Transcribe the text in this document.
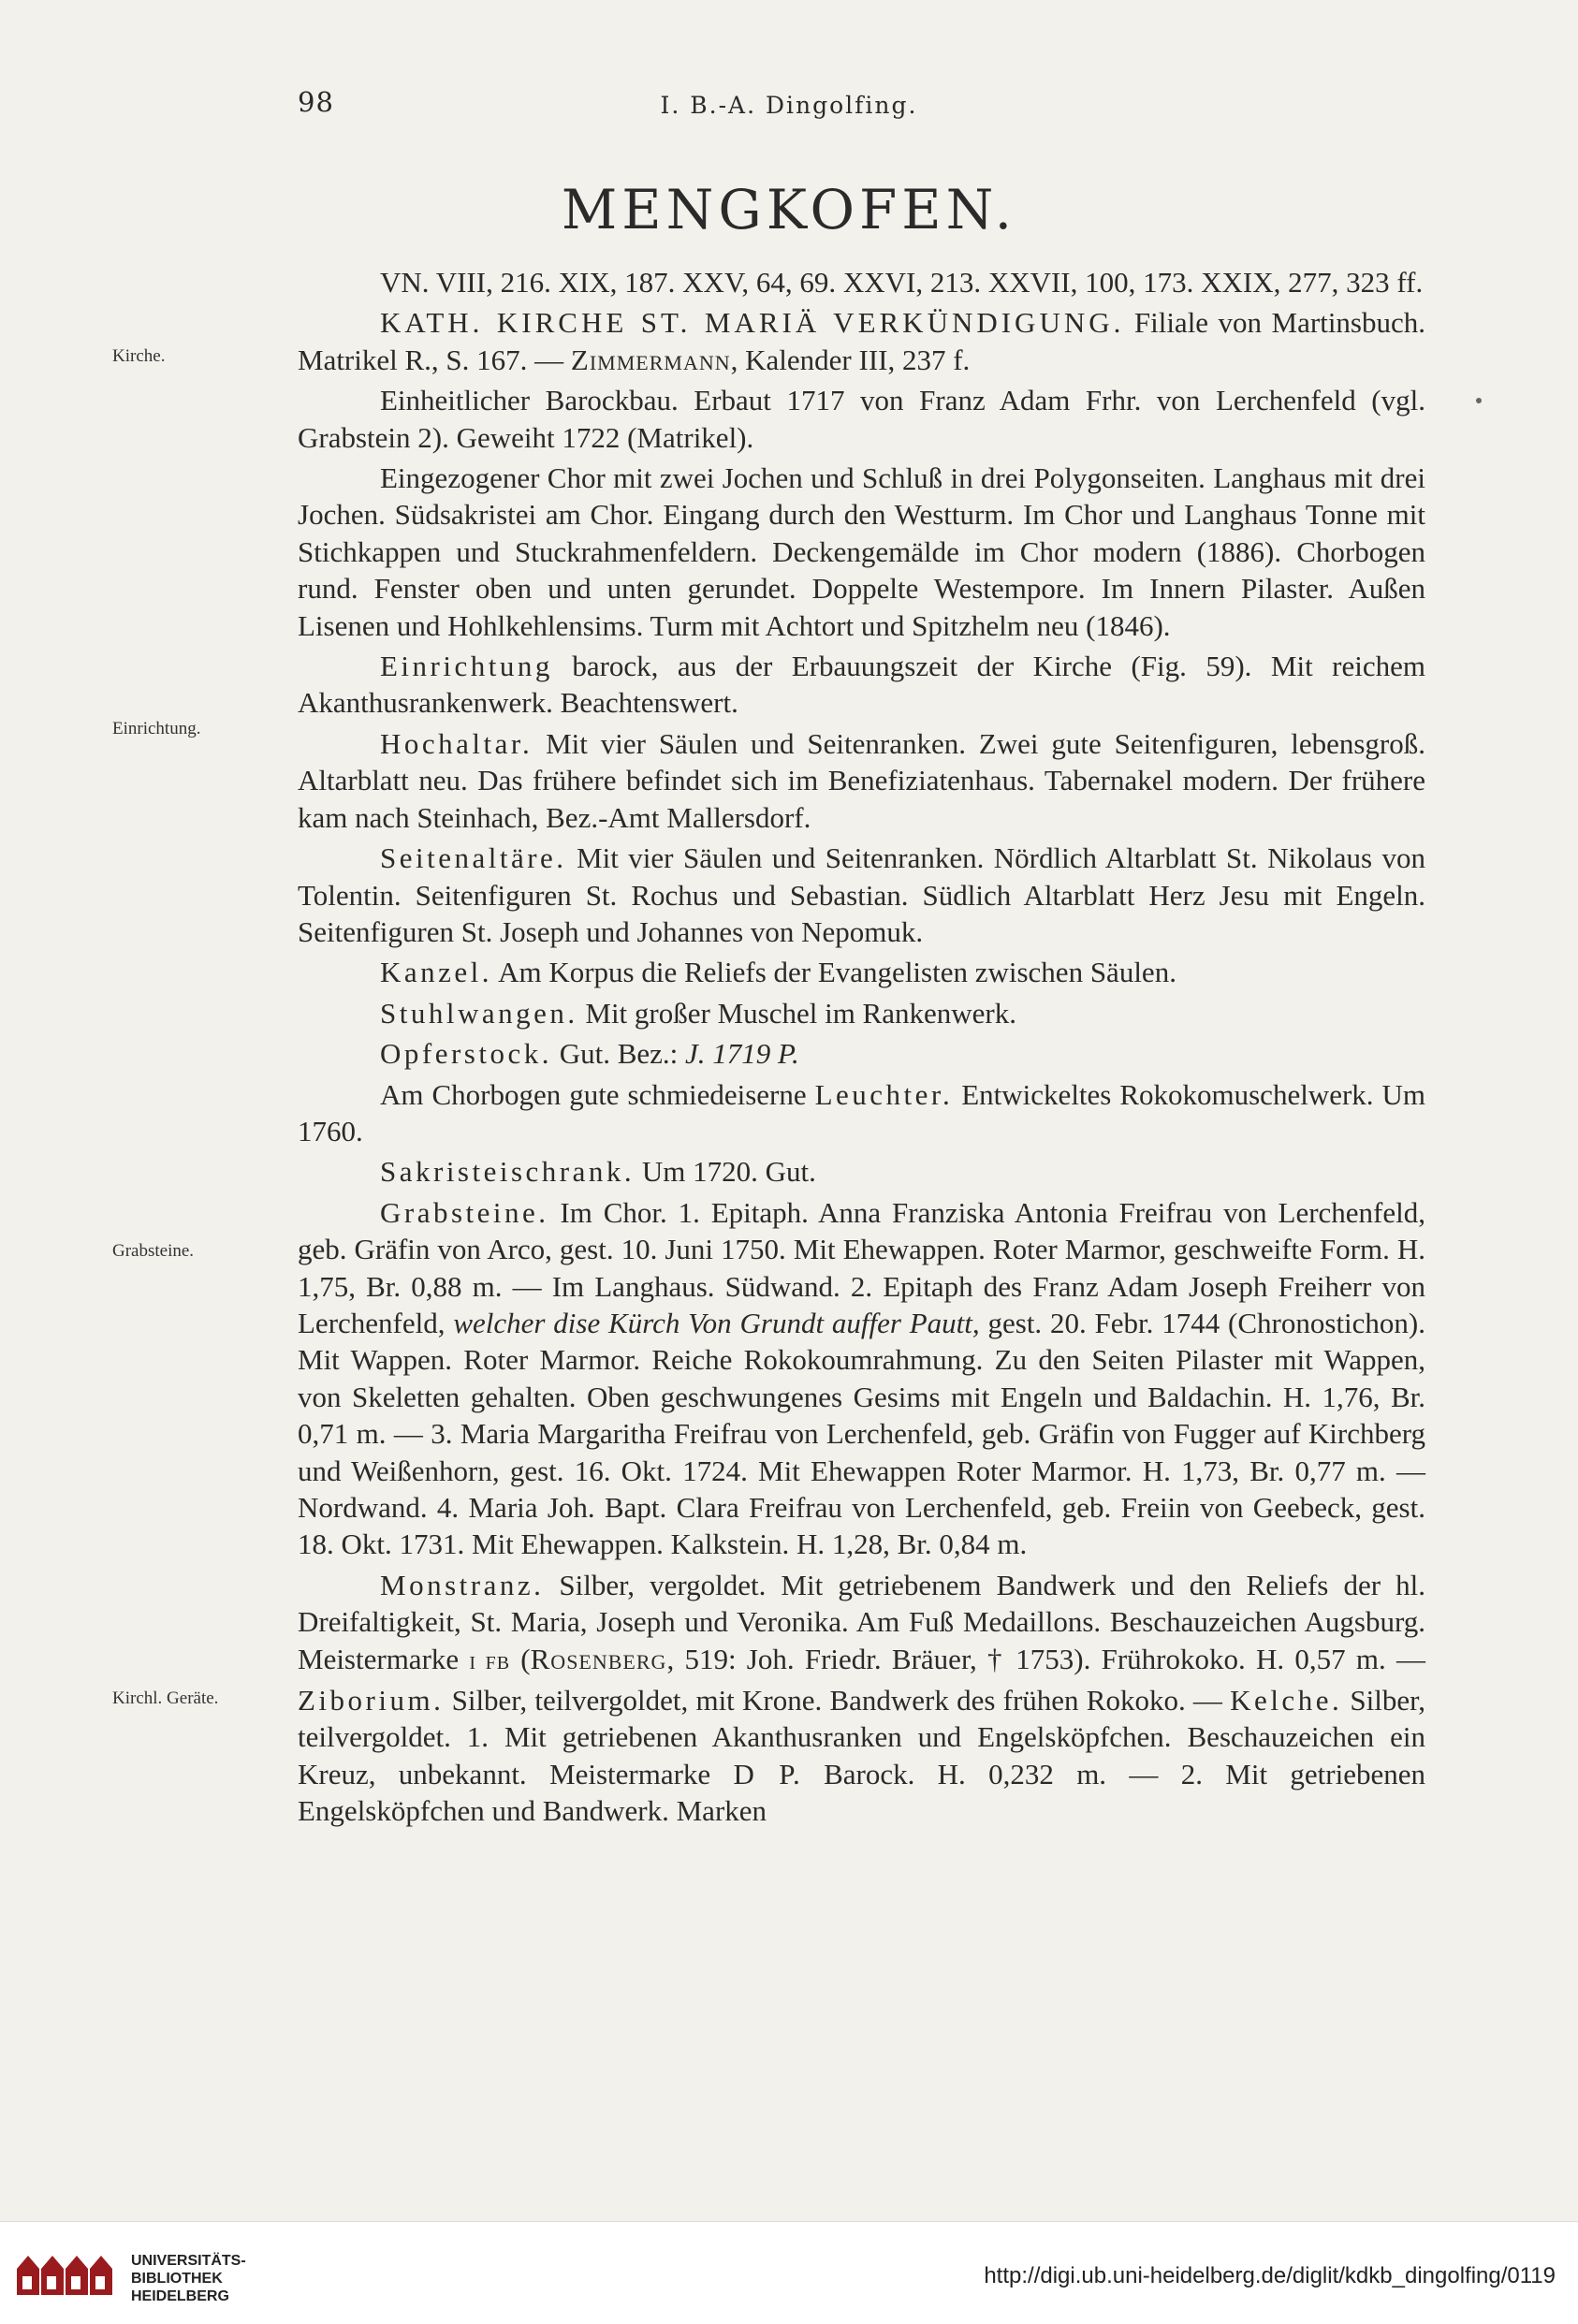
98	I. B.-A. Dingolfing.
MENGKOFEN.
Kirche.
Einrichtung.
Grabsteine.
Kirchl. Geräte.

VN. VIII, 216. XIX, 187. XXV, 64, 69. XXVI, 213. XXVII, 100, 173. XXIX, 277, 323 ff.

KATH. KIRCHE ST. MARIÄ VERKÜNDIGUNG. Filiale von Martinsbuch. Matrikel R., S. 167. — Zimmermann, Kalender III, 237 f.

Einheitlicher Barockbau. Erbaut 1717 von Franz Adam Frhr. von Lerchenfeld (vgl. Grabstein 2). Geweiht 1722 (Matrikel).

Eingezogener Chor mit zwei Jochen und Schluß in drei Polygonseiten. Langhaus mit drei Jochen. Südsakristei am Chor. Eingang durch den Westturm. Im Chor und Langhaus Tonne mit Stichkappen und Stuckrahmenfeldern. Deckengemälde im Chor modern (1886). Chorbogen rund. Fenster oben und unten gerundet. Doppelte Westempore. Im Innern Pilaster. Außen Lisenen und Hohlkehlensims. Turm mit Achtort und Spitzhelm neu (1846).

Einrichtung barock, aus der Erbauungszeit der Kirche (Fig. 59). Mit reichem Akanthusrankenwerk. Beachtenswert.

Hochaltar. Mit vier Säulen und Seitenranken. Zwei gute Seitenfiguren, lebensgroß. Altarblatt neu. Das frühere befindet sich im Benefiziatenhaus. Tabernakel modern. Der frühere kam nach Steinhach, Bez.-Amt Mallersdorf.

Seitenaltäre. Mit vier Säulen und Seitenranken. Nördlich Altarblatt St. Nikolaus von Tolentin. Seitenfiguren St. Rochus und Sebastian. Südlich Altarblatt Herz Jesu mit Engeln. Seitenfiguren St. Joseph und Johannes von Nepomuk.

Kanzel. Am Korpus die Reliefs der Evangelisten zwischen Säulen.

Stuhlwangen. Mit großer Muschel im Rankenwerk.

Opferstock. Gut. Bez.: J. 1719 P.

Am Chorbogen gute schmiedeiserne Leuchter. Entwickeltes Rokokomuschelwerk. Um 1760.

Sakristeischrank. Um 1720. Gut.

Grabsteine. Im Chor. 1. Epitaph. Anna Franziska Antonia Freifrau von Lerchenfeld, geb. Gräfin von Arco, gest. 10. Juni 1750. Mit Ehewappen. Roter Marmor, geschweifte Form. H. 1,75, Br. 0,88 m. — Im Langhaus. Südwand. 2. Epitaph des Franz Adam Joseph Freiherr von Lerchenfeld, welcher dise Kürch Von Grundt auffer Pautt, gest. 20. Febr. 1744 (Chronostichon). Mit Wappen. Roter Marmor. Reiche Rokokoumrahmung. Zu den Seiten Pilaster mit Wappen, von Skeletten gehalten. Oben geschwungenes Gesims mit Engeln und Baldachin. H. 1,76, Br. 0,71 m. — 3. Maria Margaritha Freifrau von Lerchenfeld, geb. Gräfin von Fugger auf Kirchberg und Weißenhorn, gest. 16. Okt. 1724. Mit Ehewappen Roter Marmor. H. 1,73, Br. 0,77 m. — Nordwand. 4. Maria Joh. Bapt. Clara Freifrau von Lerchenfeld, geb. Freiin von Geebeck, gest. 18. Okt. 1731. Mit Ehewappen. Kalkstein. H. 1,28, Br. 0,84 m.

Monstranz. Silber, vergoldet. Mit getriebenem Bandwerk und den Reliefs der hl. Dreifaltigkeit, St. Maria, Joseph und Veronika. Am Fuß Medaillons. Beschauzeichen Augsburg. Meistermarke I FB (Rosenberg, 519: Joh. Friedr. Bräuer, † 1753). Frührokoko. H. 0,57 m. — Ziborium. Silber, teilvergoldet, mit Krone. Bandwerk des frühen Rokoko. — Kelche. Silber, teilvergoldet. 1. Mit getriebenen Akanthusranken und Engelsköpfchen. Beschauzeichen ein Kreuz, unbekannt. Meistermarke D P. Barock. H. 0,232 m. — 2. Mit getriebenen Engelsköpfchen und Bandwerk. Marken

UNIVERSITÄTS-
BIBLIOTHEK
HEIDELBERG
http://digi.ub.uni-heidelberg.de/diglit/kdkb_dingolfing/0119
